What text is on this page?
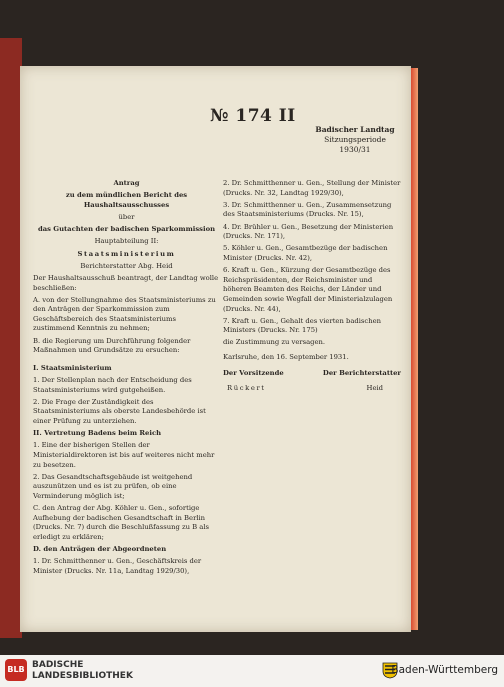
№ 174 II
Badischer Landtag
Sitzungsperiode
1930/31

Antrag

zu dem mündlichen Bericht des Haushaltsausschusses

über

das Gutachten der badischen Sparkommission

Hauptabteilung II:

Staatsministerium

Berichterstatter Abg. Heid

Der Haushaltsausschuß beantragt, der Landtag wolle beschließen:

A. von der Stellungnahme des Staatsministeriums zu den Anträgen der Sparkommission zum Geschäftsbereich des Staatsministeriums zustimmend Kenntnis zu nehmen;

B. die Regierung um Durchführung folgender Maßnahmen und Grundsätze zu ersuchen:

I. Staatsministerium

1. Der Stellenplan nach der Entscheidung des Staatsministeriums wird gutgeheißen.

2. Die Frage der Zuständigkeit des Staatsministeriums als oberste Landesbehörde ist einer Prüfung zu unterziehen.

II. Vertretung Badens beim Reich

1. Eine der bisherigen Stellen der Ministerialdirektoren ist bis auf weiteres nicht mehr zu besetzen.

2. Das Gesandtschaftsgebäude ist weitgehend auszunützen und es ist zu prüfen, ob eine Verminderung möglich ist;

C. den Antrag der Abg. Köhler u. Gen., sofortige Aufhebung der badischen Gesandtschaft in Berlin (Drucks. Nr. 7) durch die Beschlußfassung zu B als erledigt zu erklären;

D. den Anträgen der Abgeordneten

1. Dr. Schmitthenner u. Gen., Geschäftskreis der Minister (Drucks. Nr. 11a, Landtag 1929/30),

2. Dr. Schmitthenner u. Gen., Stellung der Minister (Drucks. Nr. 32, Landtag 1929/30),

3. Dr. Schmitthenner u. Gen., Zusammensetzung des Staatsministeriums (Drucks. Nr. 15),

4. Dr. Brühler u. Gen., Besetzung der Ministerien (Drucks. Nr. 171),

5. Köhler u. Gen., Gesamtbezüge der badischen Minister (Drucks. Nr. 42),

6. Kraft u. Gen., Kürzung der Gesamtbezüge des Reichspräsidenten, der Reichsminister und höheren Beamten des Reichs, der Länder und Gemeinden sowie Wegfall der Ministerialzulagen (Drucks. Nr. 44),

7. Kraft u. Gen., Gehalt des vierten badischen Ministers (Drucks. Nr. 175)

die Zustimmung zu versagen.

Karlsruhe, den 16. September 1931.

Der Vorsitzende	Der Berichterstatter
Rückert	Heid
BLB BADISCHE
LANDESBIBLIOTHEK	Baden-Württemberg
